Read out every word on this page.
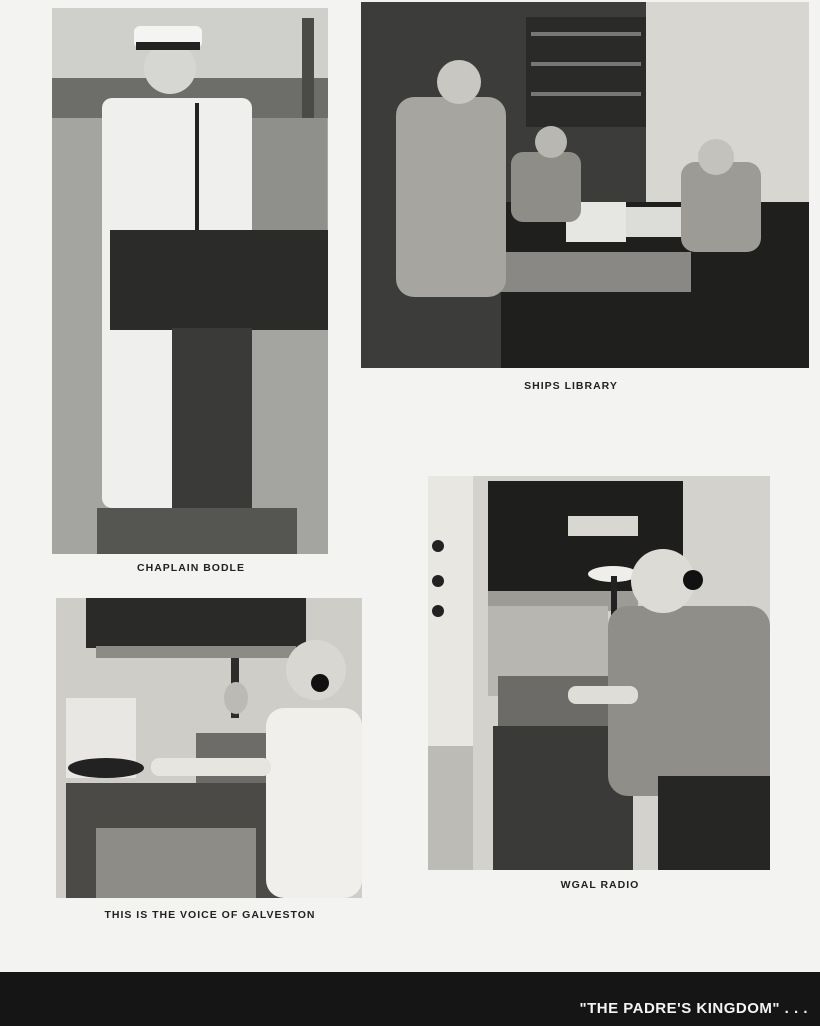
CHAPLAIN BODLE
SHIPS LIBRARY
THIS IS THE VOICE OF GALVESTON
WGAL RADIO
"THE PADRE'S KINGDOM" . . .
